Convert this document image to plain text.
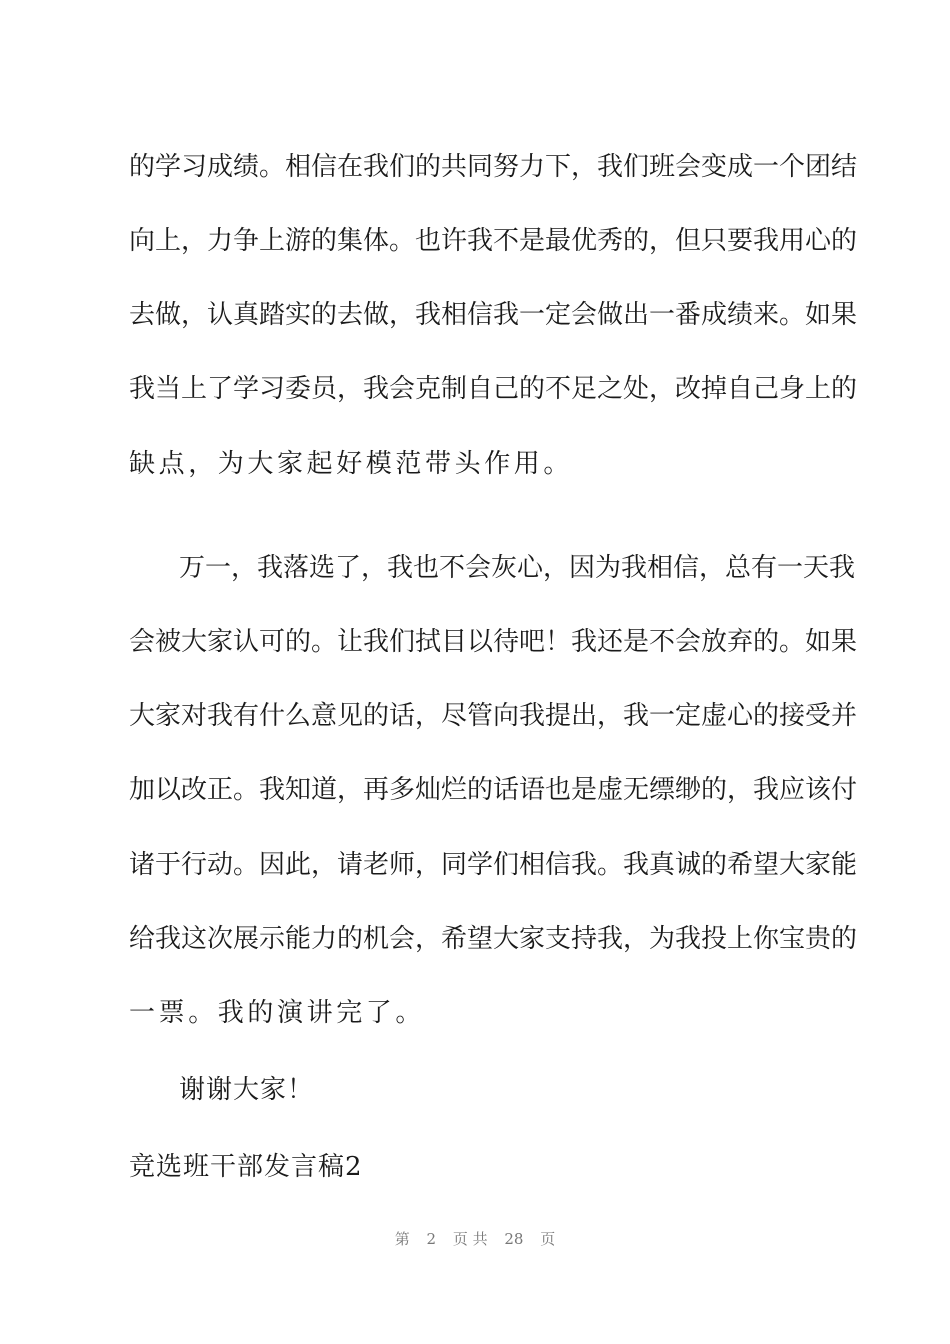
的学习成绩。相信在我们的共同努力下，我们班会变成一个团结
向上，力争上游的集体。也许我不是最优秀的，但只要我用心的
去做，认真踏实的去做，我相信我一定会做出一番成绩来。如果
我当上了学习委员，我会克制自己的不足之处，改掉自己身上的
缺点，为大家起好模范带头作用。
万一，我落选了，我也不会灰心，因为我相信，总有一天我
会被大家认可的。让我们拭目以待吧！我还是不会放弃的。如果
大家对我有什么意见的话，尽管向我提出，我一定虚心的接受并
加以改正。我知道，再多灿烂的话语也是虚无缥缈的，我应该付
诸于行动。因此，请老师，同学们相信我。我真诚的希望大家能
给我这次展示能力的机会，希望大家支持我，为我投上你宝贵的
一票。我的演讲完了。
谢谢大家！
竞选班干部发言稿2
第 2 页 共 28 页
